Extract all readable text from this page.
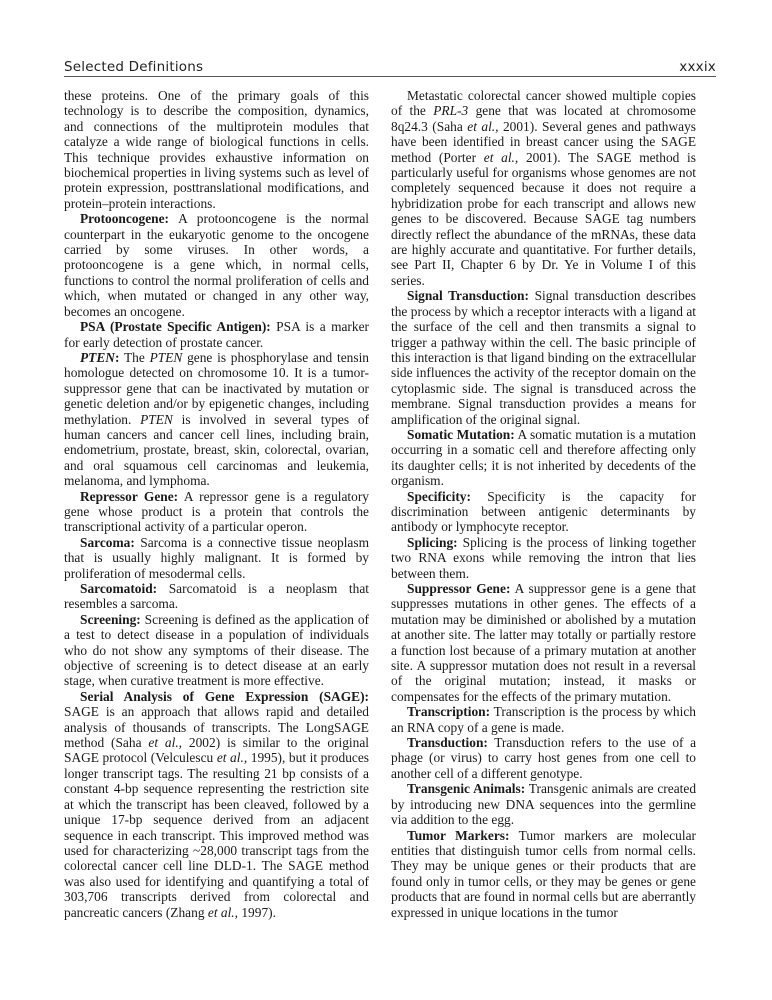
Selected Definitions	xxxix

these proteins. One of the primary goals of this technology is to describe the composition, dynamics, and connections of the multiprotein modules that catalyze a wide range of biological functions in cells. This technique provides exhaustive information on biochemical properties in living systems such as level of protein expression, posttranslational modifications, and protein–protein interactions.

Protooncogene: A protooncogene is the normal counterpart in the eukaryotic genome to the oncogene carried by some viruses. In other words, a protooncogene is a gene which, in normal cells, functions to control the normal proliferation of cells and which, when mutated or changed in any other way, becomes an oncogene.

PSA (Prostate Specific Antigen): PSA is a marker for early detection of prostate cancer.

PTEN: The PTEN gene is phosphorylase and tensin homologue detected on chromosome 10. It is a tumor-suppressor gene that can be inactivated by mutation or genetic deletion and/or by epigenetic changes, including methylation. PTEN is involved in several types of human cancers and cancer cell lines, including brain, endometrium, prostate, breast, skin, colorectal, ovarian, and oral squamous cell carcinomas and leukemia, melanoma, and lymphoma.

Repressor Gene: A repressor gene is a regulatory gene whose product is a protein that controls the transcriptional activity of a particular operon.

Sarcoma: Sarcoma is a connective tissue neoplasm that is usually highly malignant. It is formed by proliferation of mesodermal cells.

Sarcomatoid: Sarcomatoid is a neoplasm that resembles a sarcoma.

Screening: Screening is defined as the application of a test to detect disease in a population of individuals who do not show any symptoms of their disease. The objective of screening is to detect disease at an early stage, when curative treatment is more effective.

Serial Analysis of Gene Expression (SAGE): SAGE is an approach that allows rapid and detailed analysis of thousands of transcripts. The LongSAGE method (Saha et al., 2002) is similar to the original SAGE protocol (Velculescu et al., 1995), but it produces longer transcript tags. The resulting 21 bp consists of a constant 4-bp sequence representing the restriction site at which the transcript has been cleaved, followed by a unique 17-bp sequence derived from an adjacent sequence in each transcript. This improved method was used for characterizing ~28,000 transcript tags from the colorectal cancer cell line DLD-1. The SAGE method was also used for identifying and quantifying a total of 303,706 transcripts derived from colorectal and pancreatic cancers (Zhang et al., 1997).

Metastatic colorectal cancer showed multiple copies of the PRL-3 gene that was located at chromosome 8q24.3 (Saha et al., 2001). Several genes and pathways have been identified in breast cancer using the SAGE method (Porter et al., 2001). The SAGE method is particularly useful for organisms whose genomes are not completely sequenced because it does not require a hybridization probe for each transcript and allows new genes to be discovered. Because SAGE tag numbers directly reflect the abundance of the mRNAs, these data are highly accurate and quantitative. For further details, see Part II, Chapter 6 by Dr. Ye in Volume I of this series.

Signal Transduction: Signal transduction describes the process by which a receptor interacts with a ligand at the surface of the cell and then transmits a signal to trigger a pathway within the cell. The basic principle of this interaction is that ligand binding on the extracellular side influences the activity of the receptor domain on the cytoplasmic side. The signal is transduced across the membrane. Signal transduction provides a means for amplification of the original signal.

Somatic Mutation: A somatic mutation is a mutation occurring in a somatic cell and therefore affecting only its daughter cells; it is not inherited by decedents of the organism.

Specificity: Specificity is the capacity for discrimination between antigenic determinants by antibody or lymphocyte receptor.

Splicing: Splicing is the process of linking together two RNA exons while removing the intron that lies between them.

Suppressor Gene: A suppressor gene is a gene that suppresses mutations in other genes. The effects of a mutation may be diminished or abolished by a mutation at another site. The latter may totally or partially restore a function lost because of a primary mutation at another site. A suppressor mutation does not result in a reversal of the original mutation; instead, it masks or compensates for the effects of the primary mutation.

Transcription: Transcription is the process by which an RNA copy of a gene is made.

Transduction: Transduction refers to the use of a phage (or virus) to carry host genes from one cell to another cell of a different genotype.

Transgenic Animals: Transgenic animals are created by introducing new DNA sequences into the germline via addition to the egg.

Tumor Markers: Tumor markers are molecular entities that distinguish tumor cells from normal cells. They may be unique genes or their products that are found only in tumor cells, or they may be genes or gene products that are found in normal cells but are aberrantly expressed in unique locations in the tumor
